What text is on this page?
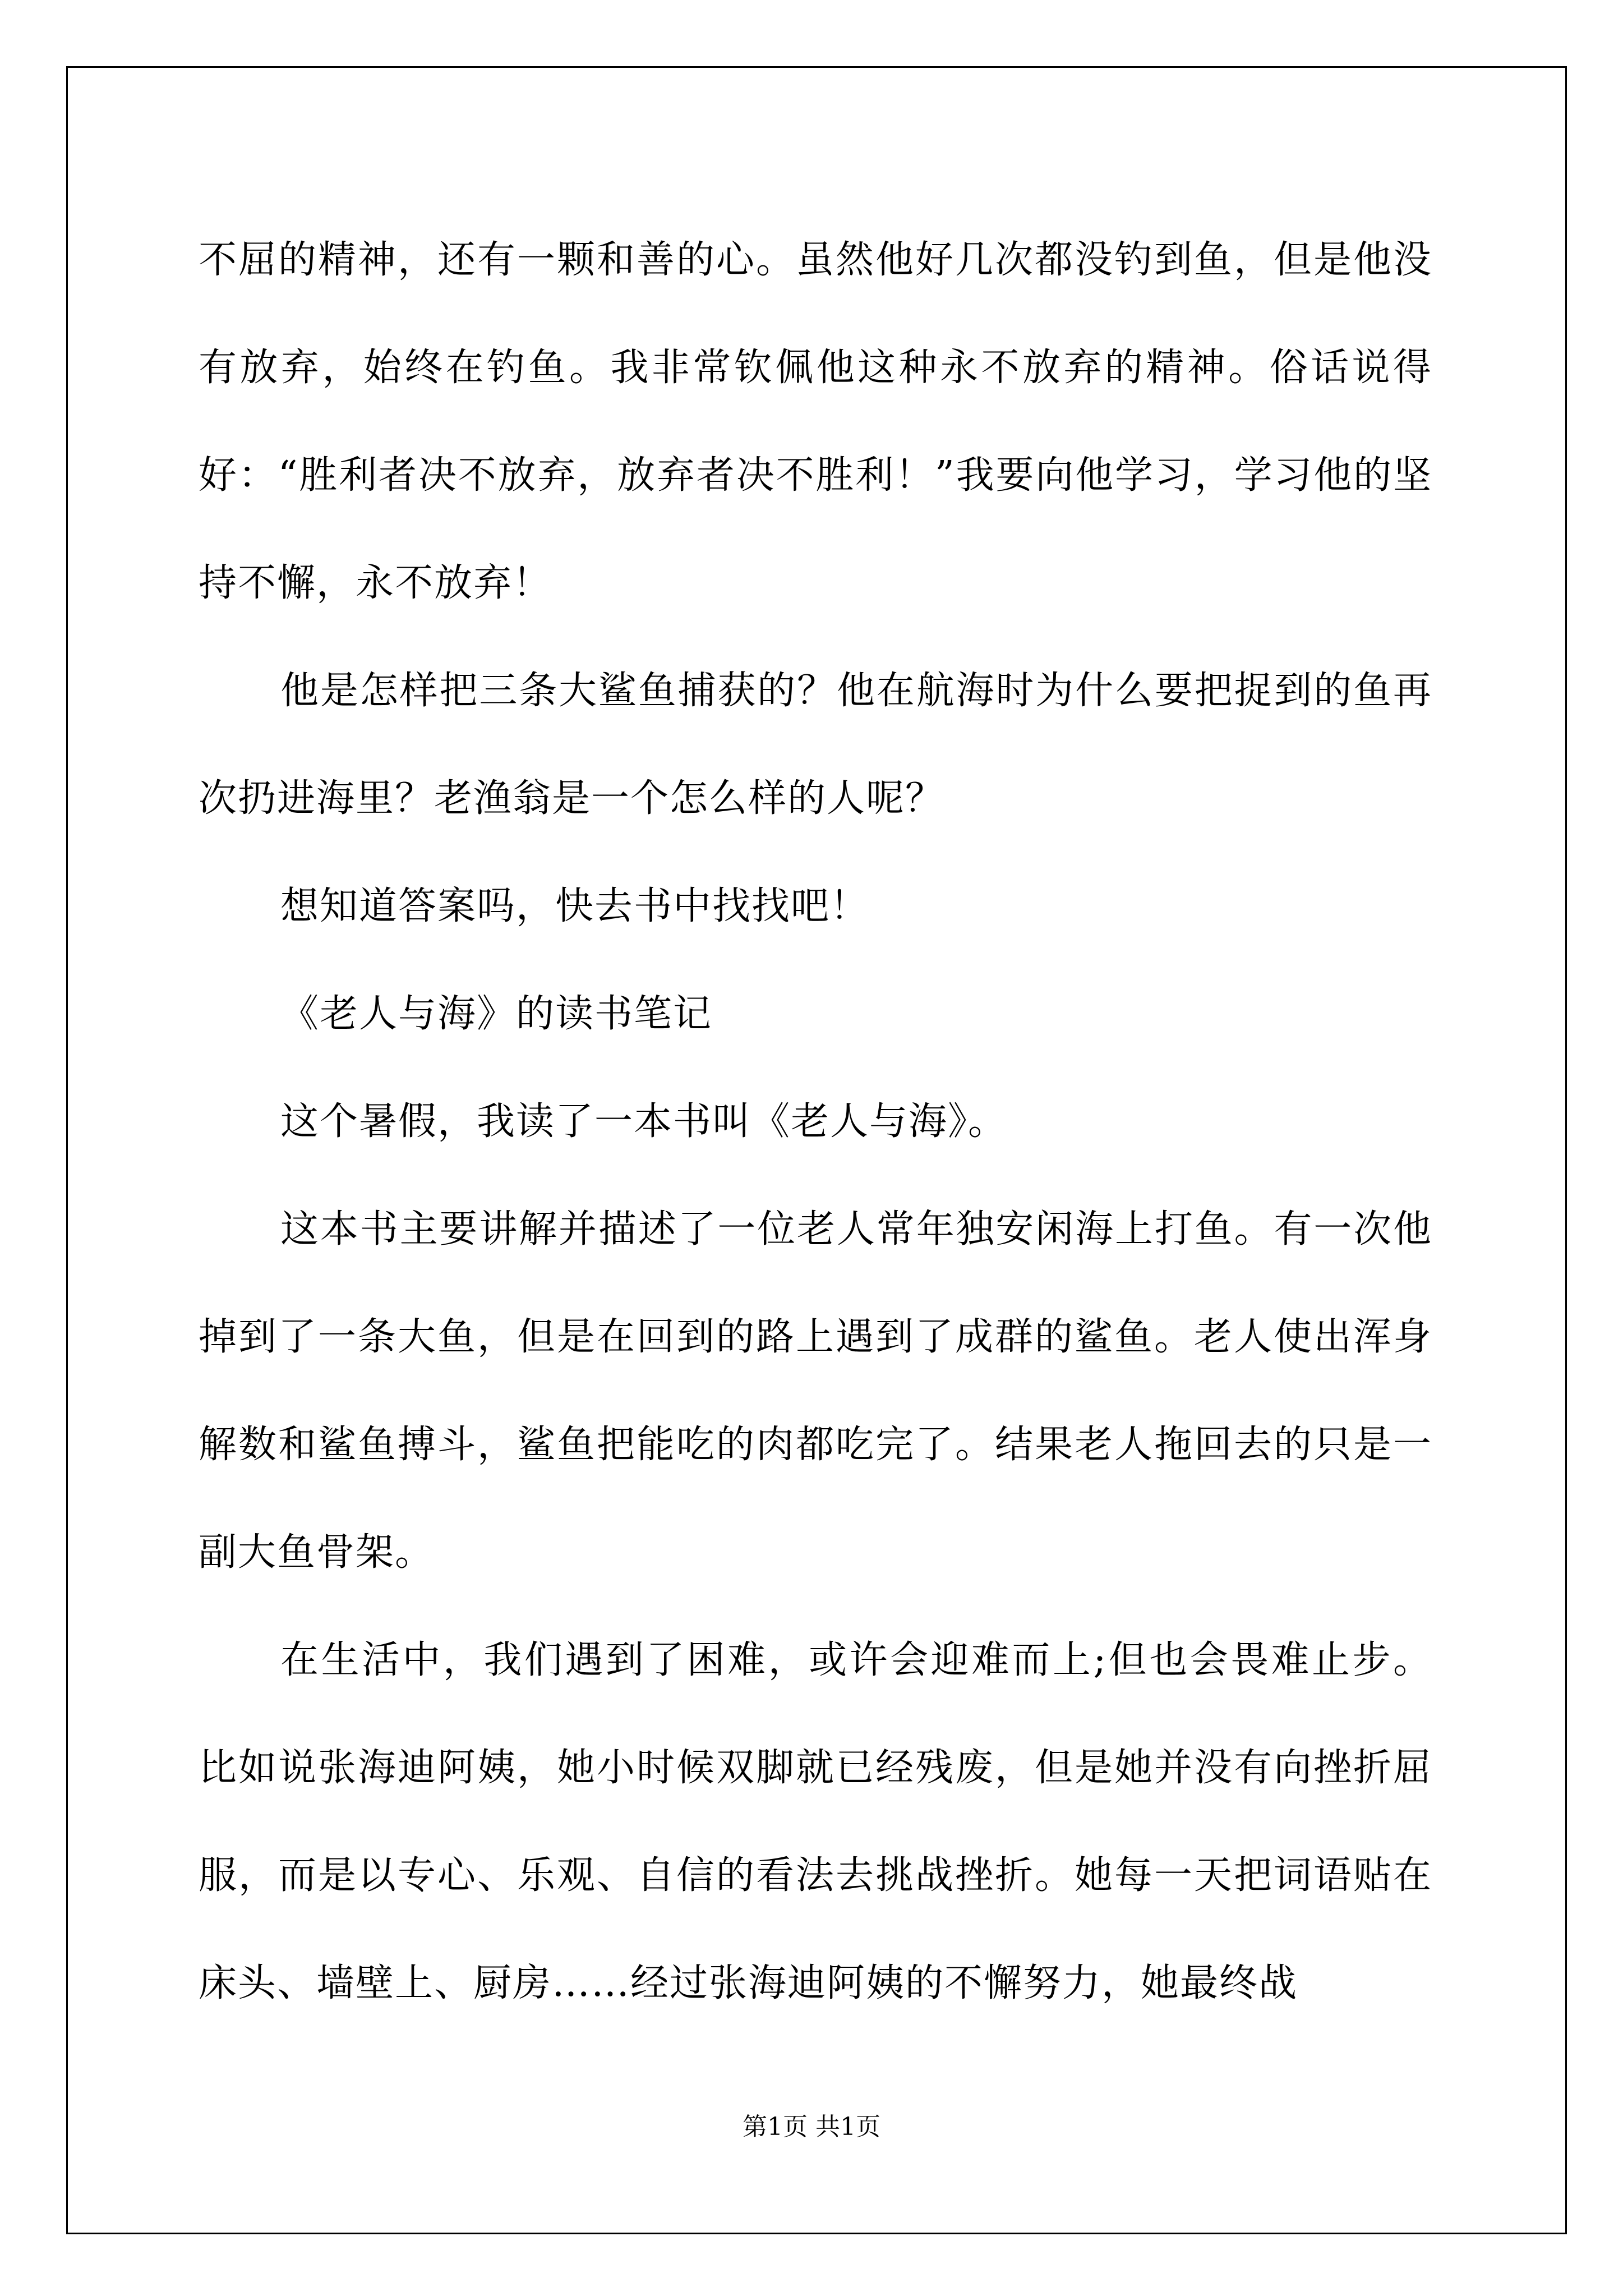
不屈的精神，还有一颗和善的心。虽然他好几次都没钓到鱼，但是他没有放弃，始终在钓鱼。我非常钦佩他这种永不放弃的精神。俗话说得好：“胜利者决不放弃，放弃者决不胜利！”我要向他学习，学习他的坚持不懈，永不放弃！

他是怎样把三条大鲨鱼捕获的？他在航海时为什么要把捉到的鱼再次扔进海里？老渔翁是一个怎么样的人呢？

想知道答案吗，快去书中找找吧！

《老人与海》的读书笔记

这个暑假，我读了一本书叫《老人与海》。

这本书主要讲解并描述了一位老人常年独安闲海上打鱼。有一次他掉到了一条大鱼，但是在回到的路上遇到了成群的鲨鱼。老人使出浑身解数和鲨鱼搏斗，鲨鱼把能吃的肉都吃完了。结果老人拖回去的只是一副大鱼骨架。

在生活中，我们遇到了困难，或许会迎难而上;但也会畏难止步。比如说张海迪阿姨，她小时候双脚就已经残废，但是她并没有向挫折屈服，而是以专心、乐观、自信的看法去挑战挫折。她每一天把词语贴在床头、墙壁上、厨房……经过张海迪阿姨的不懈努力，她最终战

第1页 共1页
